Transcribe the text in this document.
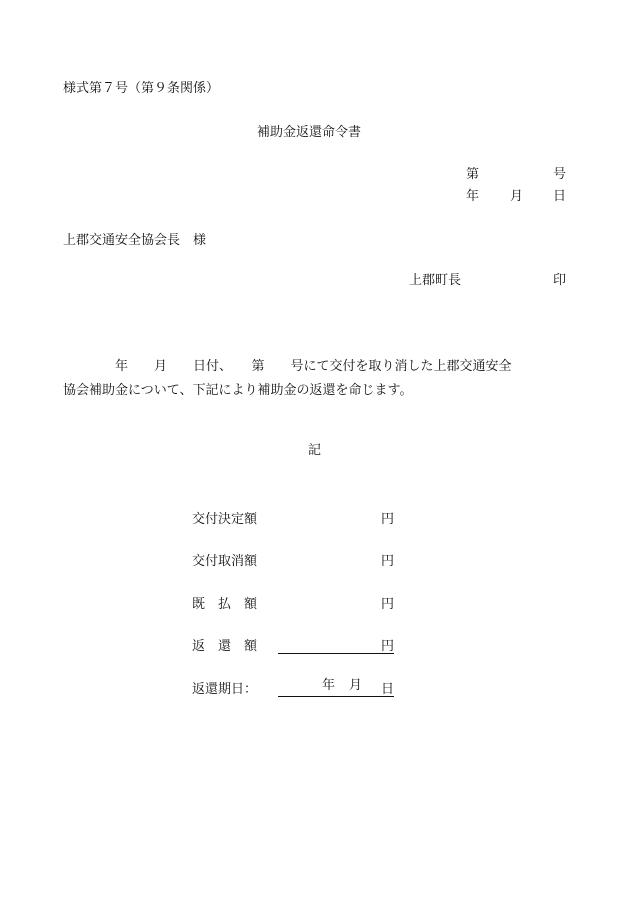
様式第７号（第９条関係）
補助金返還命令書
第	号
年 月 日
上郡交通安全協会長　様
上郡町長	印
　　　　年　　月　　日付、　　第　　号にて交付を取り消した上郡交通安全
協会補助金について、下記により補助金の返還を命じます。
記
交付決定額	円
交付取消額	円
既　払　額	円
返　還　額	円
返還期日：	年 月 日
